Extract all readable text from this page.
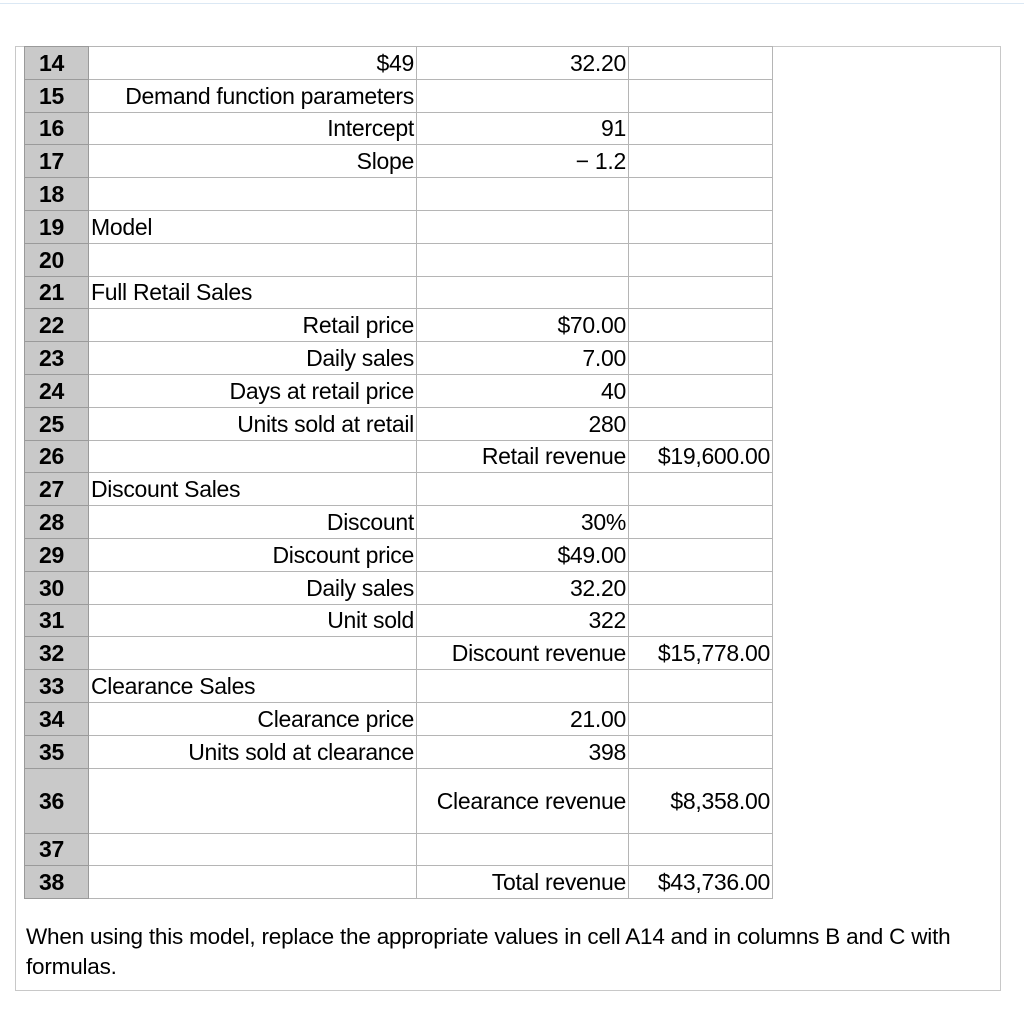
14	$49	32.20	
15	Demand function parameters		
16	Intercept	91	
17	Slope	− 1.2	
18			
19	Model		
20			
21	Full Retail Sales		
22	Retail price	$70.00	
23	Daily sales	7.00	
24	Days at retail price	40	
25	Units sold at retail	280	
26		Retail revenue	$19,600.00
27	Discount Sales		
28	Discount	30%	
29	Discount price	$49.00	
30	Daily sales	32.20	
31	Unit sold	322	
32		Discount revenue	$15,778.00
33	Clearance Sales		
34	Clearance price	21.00	
35	Units sold at clearance	398	
36		Clearance revenue	$8,358.00
37			
38		Total revenue	$43,736.00
When using this model, replace the appropriate values in cell A14 and in columns B and C with formulas.
